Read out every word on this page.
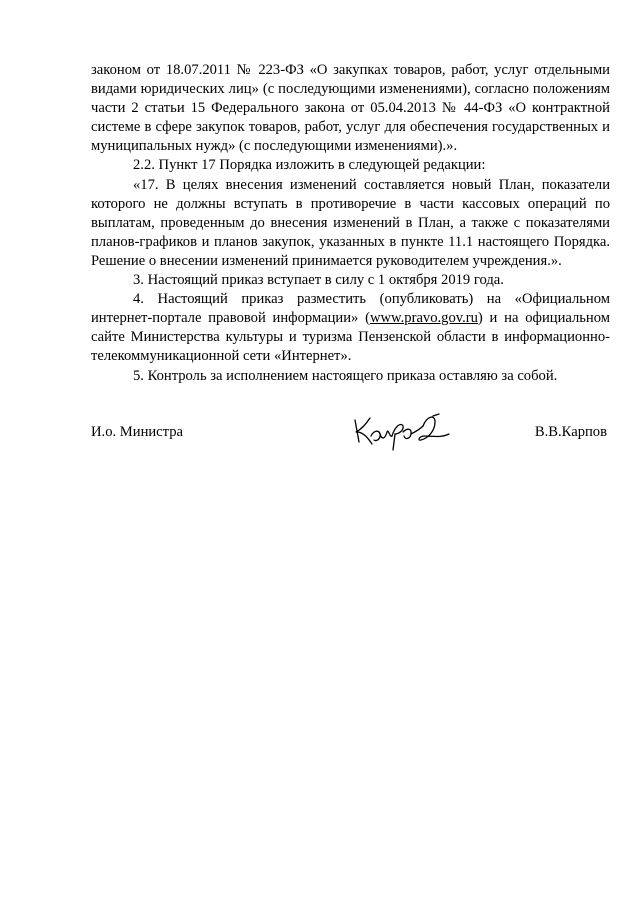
законом от 18.07.2011 № 223-ФЗ «О закупках товаров, работ, услуг отдельными видами юридических лиц» (с последующими изменениями), согласно положениям части 2 статьи 15 Федерального закона от 05.04.2013 № 44-ФЗ «О контрактной системе в сфере закупок товаров, работ, услуг для обеспечения государственных и муниципальных нужд» (с последующими изменениями).».

2.2. Пункт 17 Порядка изложить в следующей редакции:

«17. В целях внесения изменений составляется новый План, показатели которого не должны вступать в противоречие в части кассовых операций по выплатам, проведенным до внесения изменений в План, а также с показателями планов-графиков и планов закупок, указанных в пункте 11.1 настоящего Порядка. Решение о внесении изменений принимается руководителем учреждения.».

3. Настоящий приказ вступает в силу с 1 октября 2019 года.

4. Настоящий приказ разместить (опубликовать) на «Официальном интернет-портале правовой информации» (www.pravo.gov.ru) и на официальном сайте Министерства культуры и туризма Пензенской области в информационно-телекоммуникационной сети «Интернет».

5. Контроль за исполнением настоящего приказа оставляю за собой.

И.о. Министра	В.В.Карпов
